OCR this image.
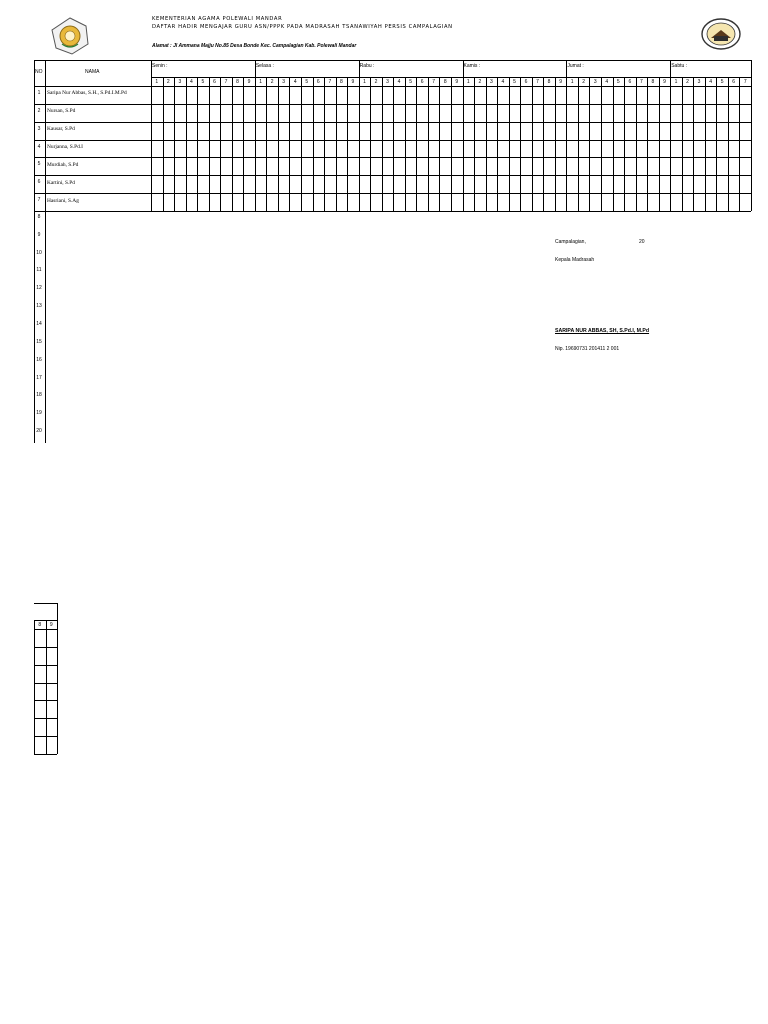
KEMENTERIAN AGAMA POLEWALI MANDAR
DAFTAR HADIR MENGAJAR GURU ASN/PPPK PADA MADRASAH TSANAWIYAH PERSIS CAMPALAGIAN
Alamat : Jl Ammana Majju No.85 Desa Bonde Kec. Campalagian Kab. Polewali Mandar
NO	NAMA
Senin :
1	2	3	4	5	6	7	8	9
Selasa :
1	2	3	4	5	6	7	8	9
Rabu :
1	2	3	4	5	6	7	8	9
Kamis :
1	2	3	4	5	6	7	8	9
Jumat :
1	2	3	4	5	6	7	8	9
Sabtu :
1	2	3	4	5	6	7
1	Saripa Nur Abbas, S.H., S.Pd.I.M.Pd
2	Nursan, S.Pd
3	Kausar, S.Pd
4	Nurjanna, S.Pd.I
5	Murdiah, S.Pd
6	Kartini, S.Pd
7	Hasriani, S.Ag
8
9
10
11
12
13
14
15
16
17
18
19
20
Campalagian,	20
Kepala Madrasah
SARIPA NUR ABBAS, SH, S.Pd.I, M.Pd
Nip. 19690731 201411 2 001
8	9
